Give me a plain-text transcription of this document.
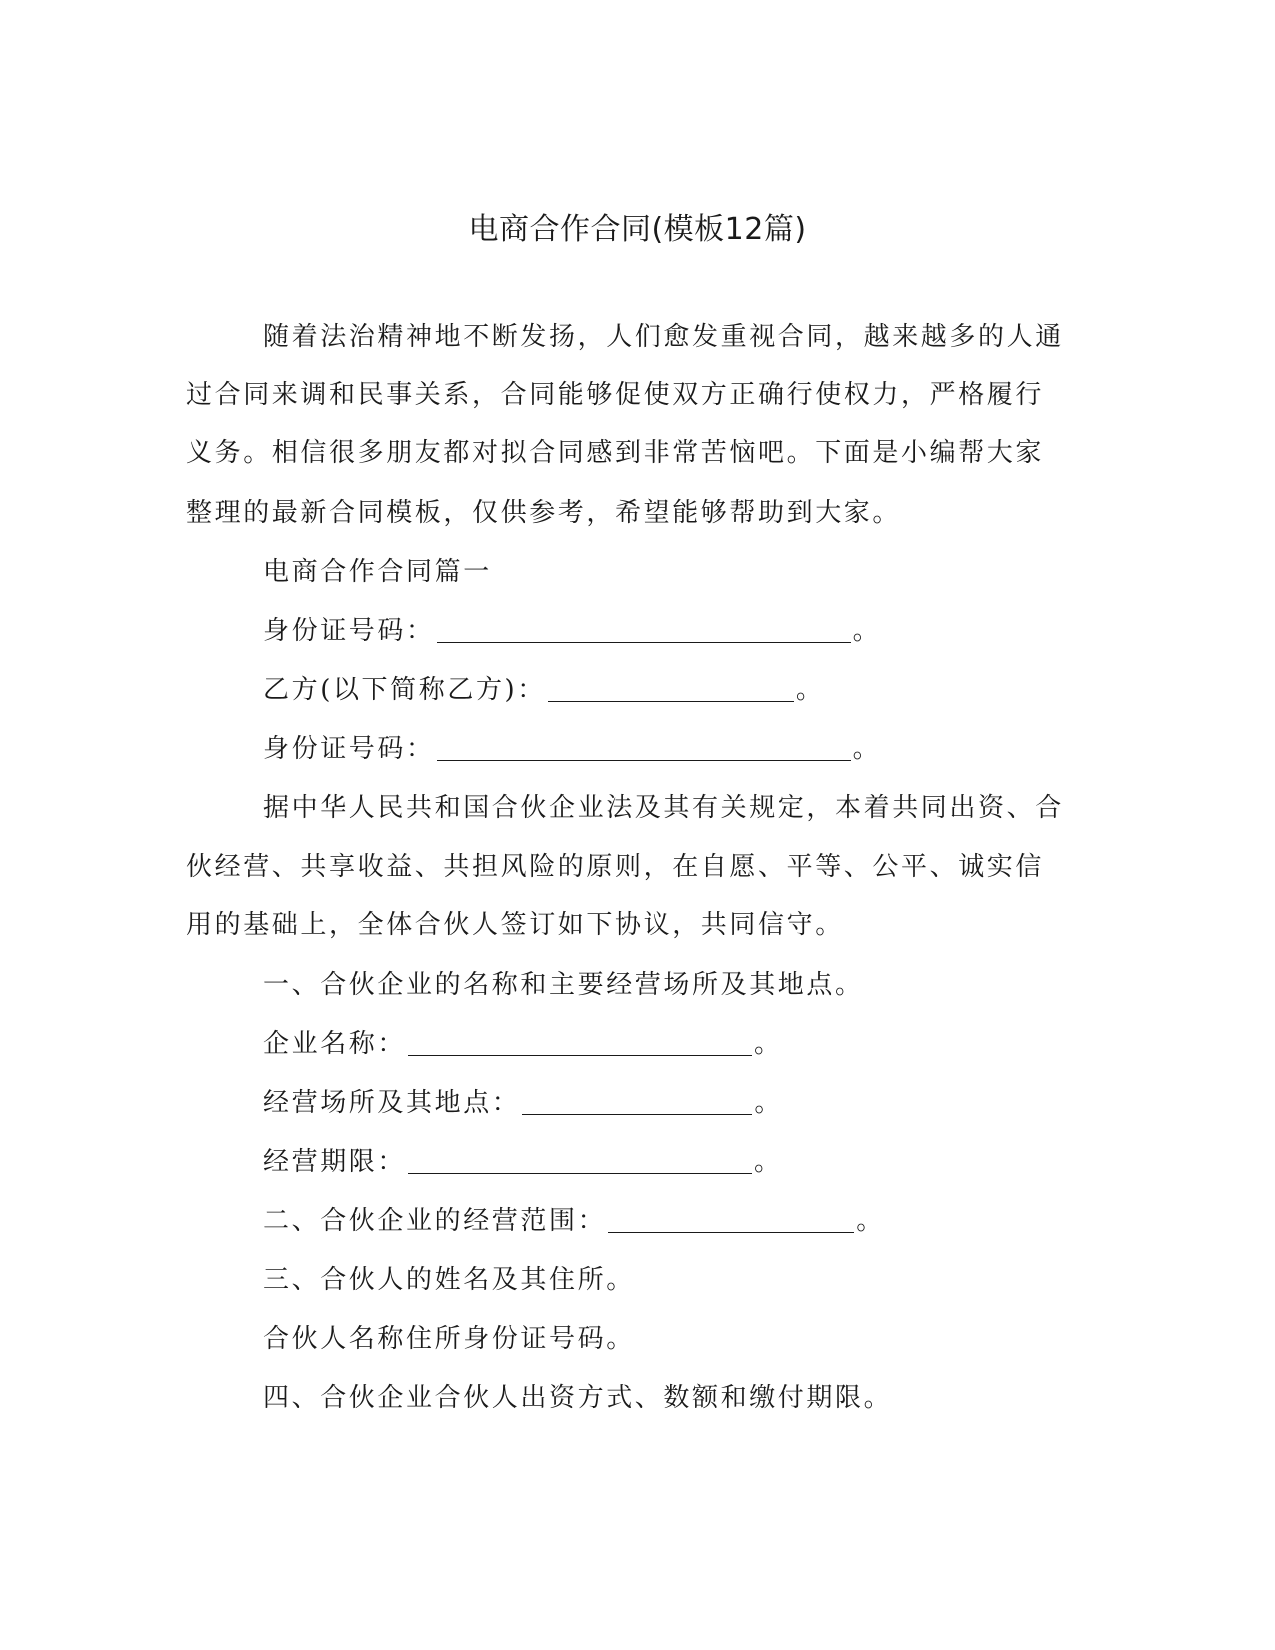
电商合作合同(模板12篇)
随着法治精神地不断发扬，人们愈发重视合同，越来越多的人通
过合同来调和民事关系，合同能够促使双方正确行使权力，严格履行
义务。相信很多朋友都对拟合同感到非常苦恼吧。下面是小编帮大家
整理的最新合同模板，仅供参考，希望能够帮助到大家。
电商合作合同篇一
身份证号码：	。
乙方(以下简称乙方)：	。
身份证号码：	。
据中华人民共和国合伙企业法及其有关规定，本着共同出资、合
伙经营、共享收益、共担风险的原则，在自愿、平等、公平、诚实信
用的基础上，全体合伙人签订如下协议，共同信守。
一、合伙企业的名称和主要经营场所及其地点。
企业名称：	。
经营场所及其地点：	。
经营期限：	。
二、合伙企业的经营范围：	。
三、合伙人的姓名及其住所。
合伙人名称住所身份证号码。
四、合伙企业合伙人出资方式、数额和缴付期限。
